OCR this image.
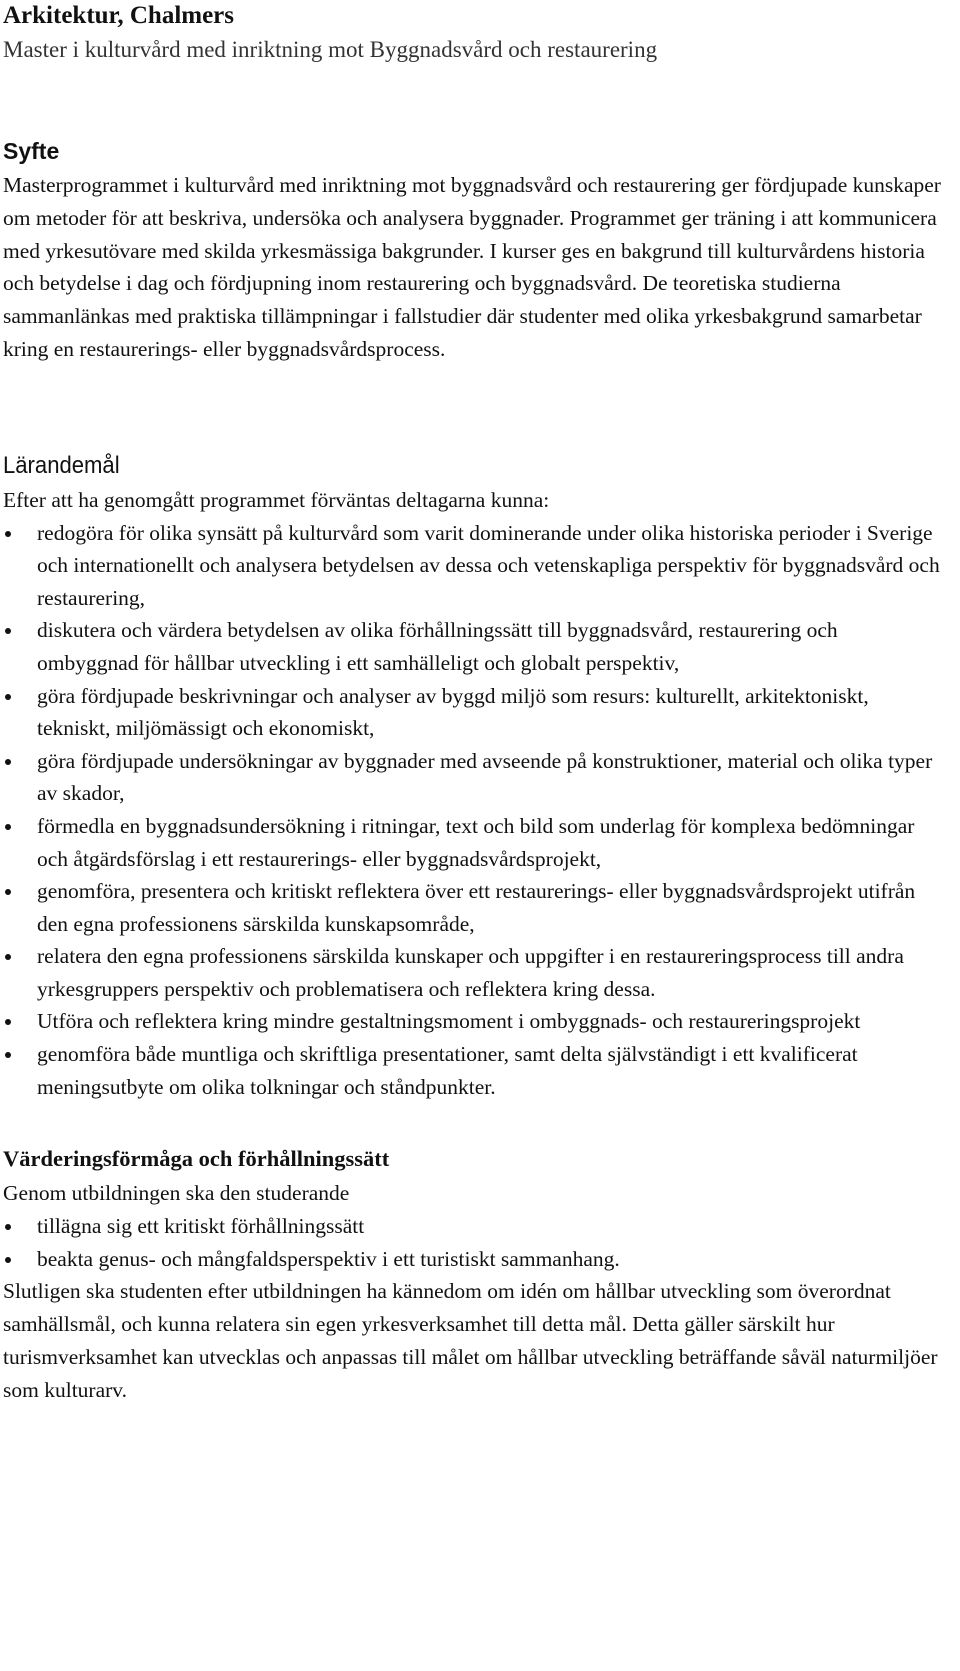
Arkitektur, Chalmers

Master i kulturvård med inriktning mot Byggnadsvård och restaurering

Syfte

Masterprogrammet i kulturvård med inriktning mot byggnadsvård och restaurering ger fördjupade kunskaper om metoder för att beskriva, undersöka och analysera byggnader. Programmet ger träning i att kommunicera med yrkesutövare med skilda yrkesmässiga bakgrunder. I kurser ges en bakgrund till kulturvårdens historia och betydelse i dag och fördjupning inom restaurering och byggnadsvård. De teoretiska studierna sammanlänkas med praktiska tillämpningar i fallstudier där studenter med olika yrkesbakgrund samarbetar kring en restaurerings- eller byggnadsvårdsprocess.

Lärandemål

Efter att ha genomgått programmet förväntas deltagarna kunna:

redogöra för olika synsätt på kulturvård som varit dominerande under olika historiska perioder i Sverige och internationellt och analysera betydelsen av dessa och vetenskapliga perspektiv för byggnadsvård och restaurering,
diskutera och värdera betydelsen av olika förhållningssätt till byggnadsvård, restaurering och ombyggnad för hållbar utveckling i ett samhälleligt och globalt perspektiv,
göra fördjupade beskrivningar och analyser av byggd miljö som resurs: kulturellt, arkitektoniskt, tekniskt, miljömässigt och ekonomiskt,
göra fördjupade undersökningar av byggnader med avseende på konstruktioner, material och olika typer av skador,
förmedla en byggnadsundersökning i ritningar, text och bild som underlag för komplexa bedömningar och åtgärdsförslag i ett restaurerings- eller byggnadsvårdsprojekt,
genomföra, presentera och kritiskt reflektera över ett restaurerings- eller byggnadsvårdsprojekt utifrån den egna professionens särskilda kunskapsområde,
relatera den egna professionens särskilda kunskaper och uppgifter i en restaureringsprocess till andra yrkesgruppers perspektiv och problematisera och reflektera kring dessa.
Utföra och reflektera kring mindre gestaltningsmoment i ombyggnads- och restaureringsprojekt
genomföra både muntliga och skriftliga presentationer, samt delta självständigt i ett kvalificerat meningsutbyte om olika tolkningar och ståndpunkter.
Värderingsförmåga och förhållningssätt

Genom utbildningen ska den studerande

tillägna sig ett kritiskt förhållningssätt
beakta genus- och mångfaldsperspektiv i ett turistiskt sammanhang.

Slutligen ska studenten efter utbildningen ha kännedom om idén om hållbar utveckling som överordnat samhällsmål, och kunna relatera sin egen yrkesverksamhet till detta mål. Detta gäller särskilt hur turismverksamhet kan utvecklas och anpassas till målet om hållbar utveckling beträffande såväl naturmiljöer som kulturarv.
